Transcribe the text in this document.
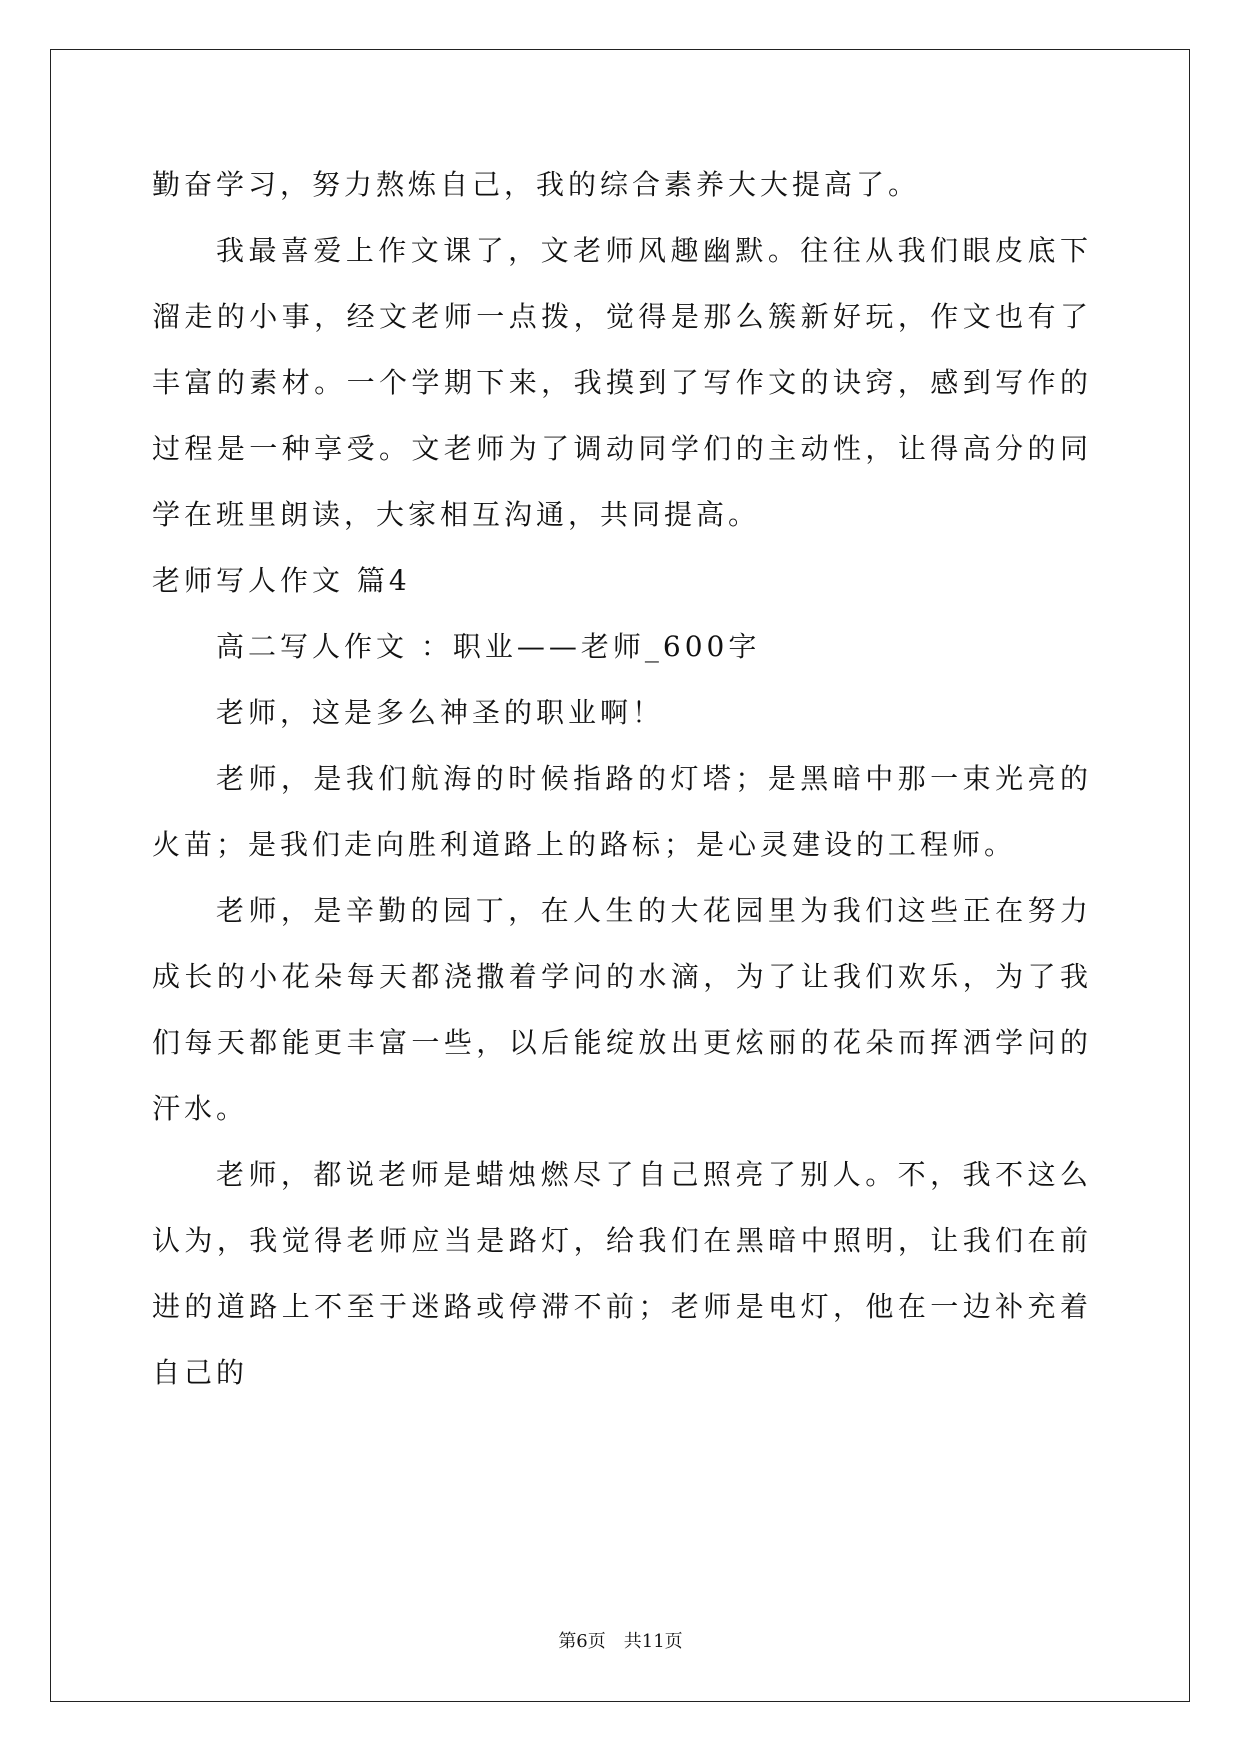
勤奋学习，努力熬炼自己，我的综合素养大大提高了。

我最喜爱上作文课了，文老师风趣幽默。往往从我们眼皮底下溜走的小事，经文老师一点拨，觉得是那么簇新好玩，作文也有了丰富的素材。一个学期下来，我摸到了写作文的诀窍，感到写作的过程是一种享受。文老师为了调动同学们的主动性，让得高分的同学在班里朗读，大家相互沟通，共同提高。

老师写人作文 篇4

高二写人作文 ：职业——老师_600字

老师，这是多么神圣的职业啊！

老师，是我们航海的时候指路的灯塔；是黑暗中那一束光亮的火苗；是我们走向胜利道路上的路标；是心灵建设的工程师。

老师，是辛勤的园丁，在人生的大花园里为我们这些正在努力成长的小花朵每天都浇撒着学问的水滴，为了让我们欢乐，为了我们每天都能更丰富一些，以后能绽放出更炫丽的花朵而挥洒学问的汗水。

老师，都说老师是蜡烛燃尽了自己照亮了别人。不，我不这么认为，我觉得老师应当是路灯，给我们在黑暗中照明，让我们在前进的道路上不至于迷路或停滞不前；老师是电灯，他在一边补充着自己的

第6页　共11页
